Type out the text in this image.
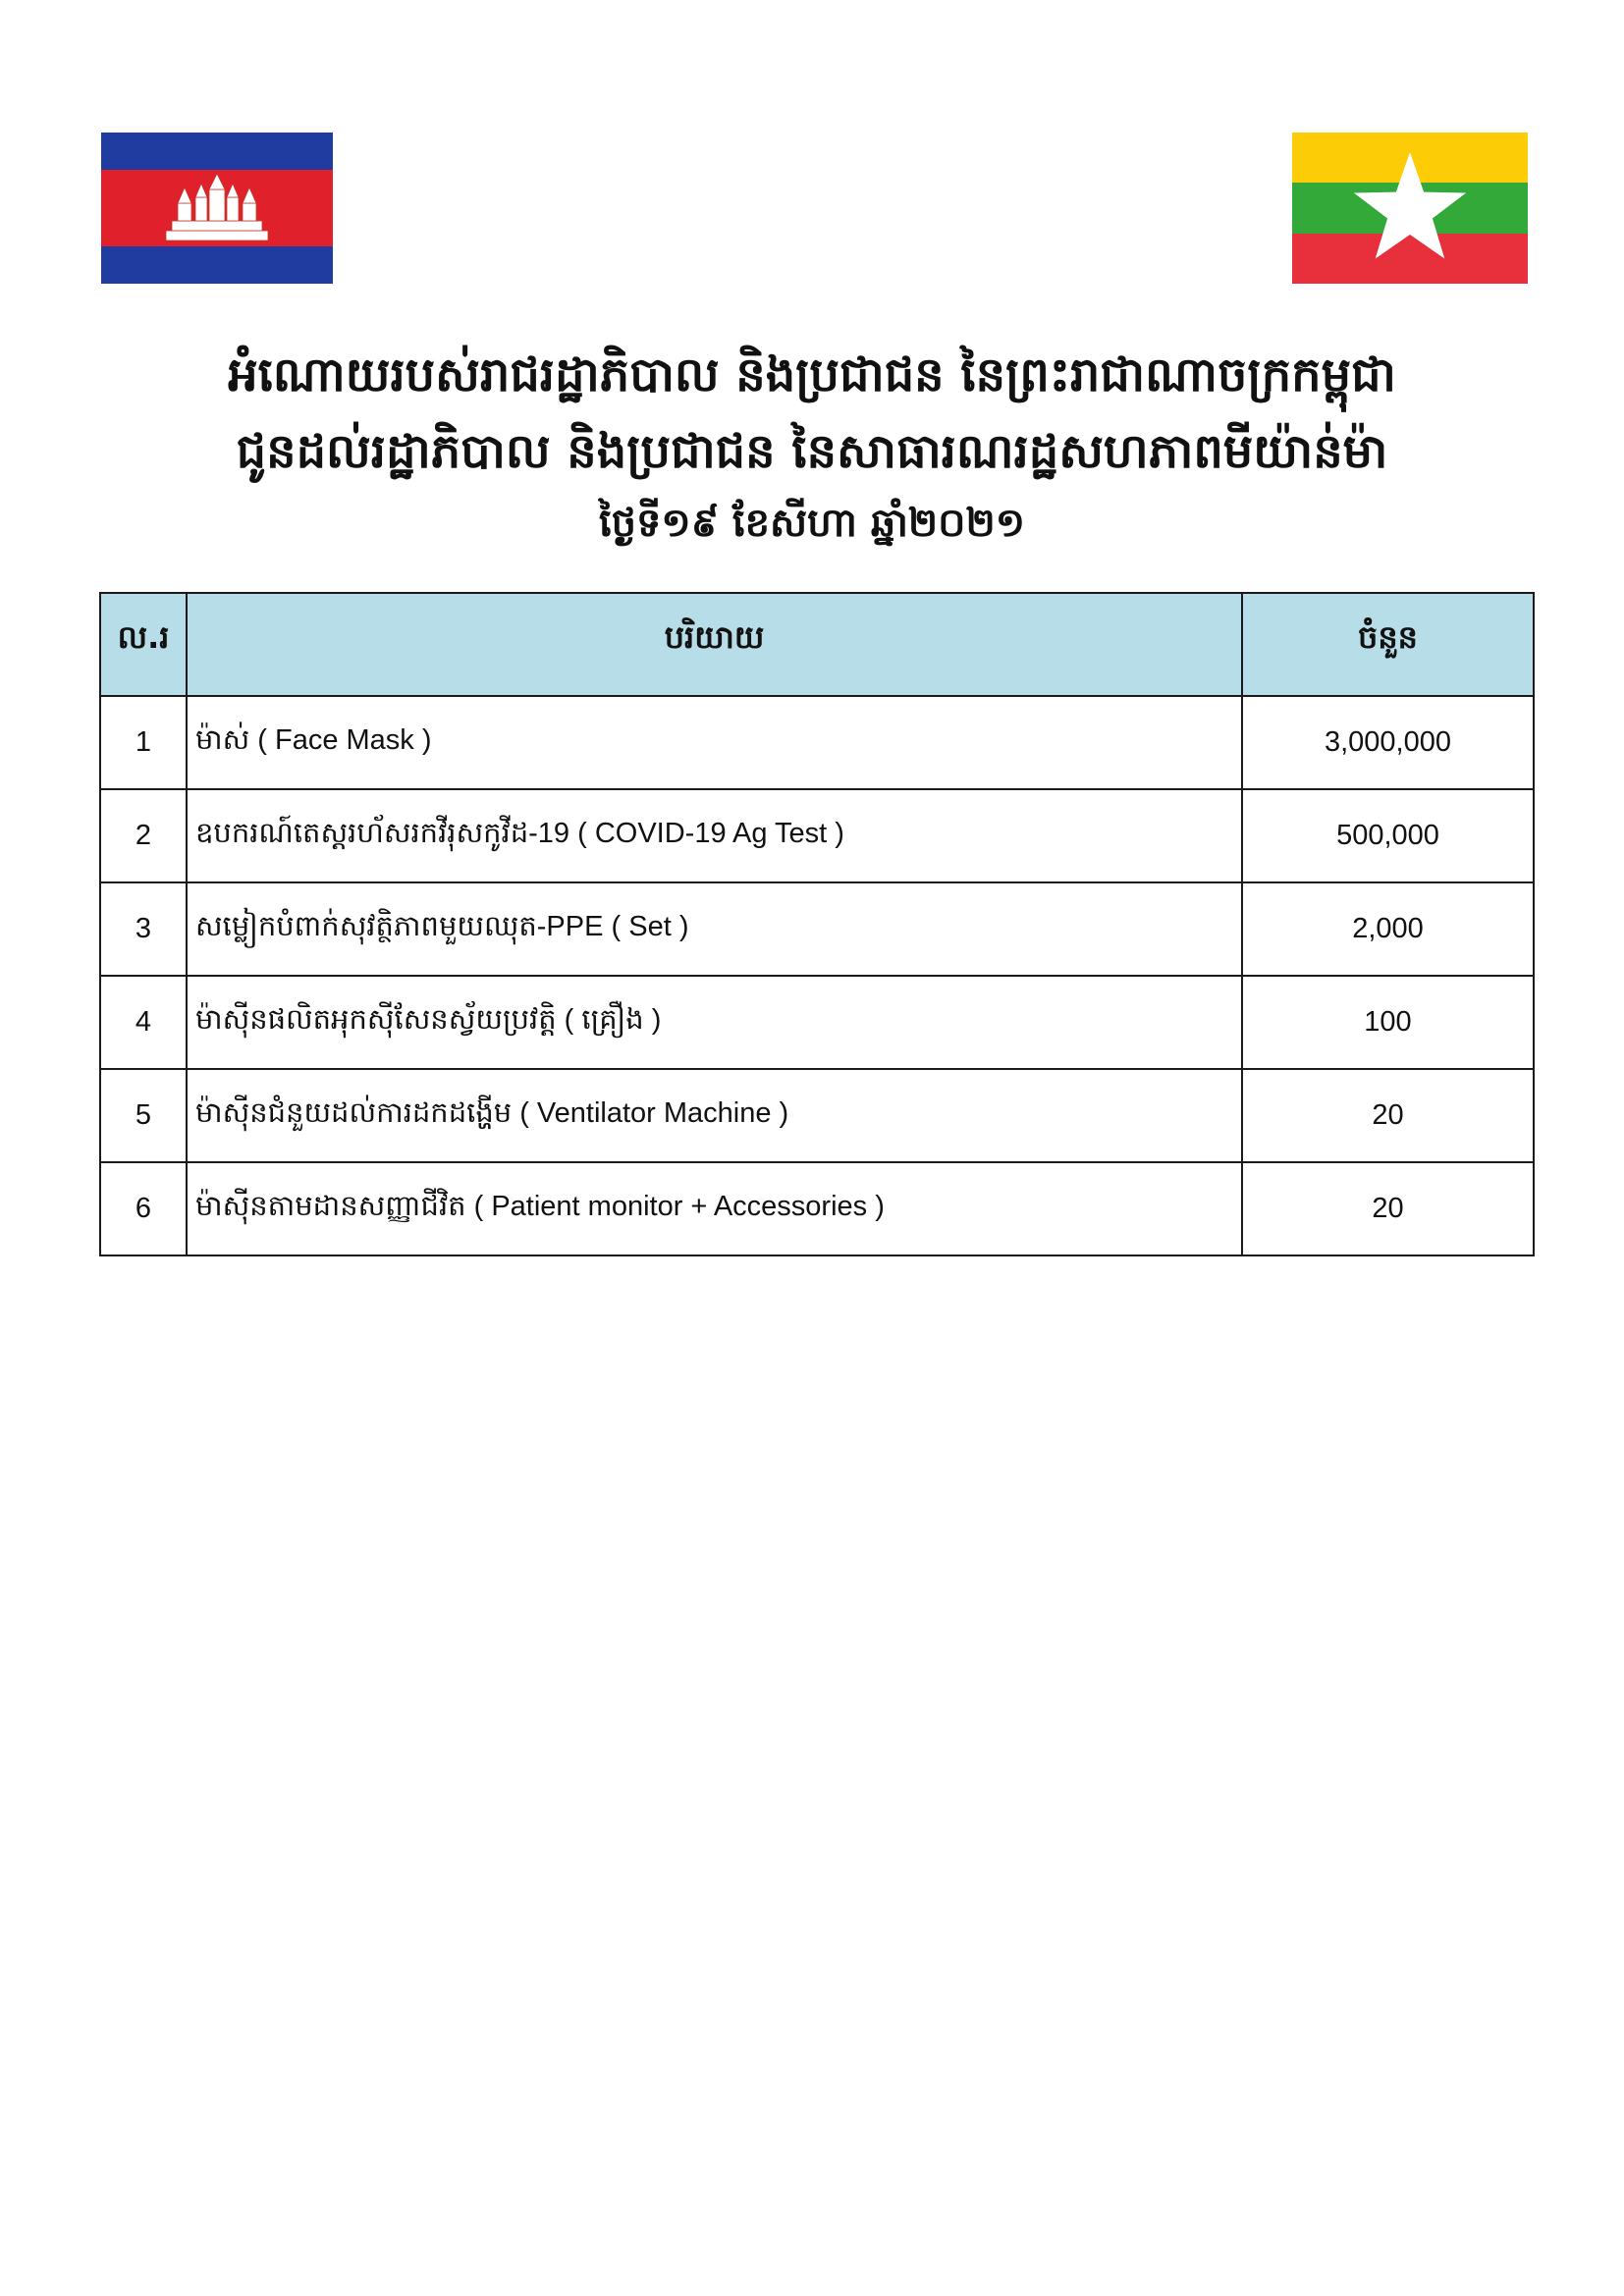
អំណោយរបស់រាជរដ្ឋាភិបាល និងប្រជាជន នៃព្រះរាជាណាចក្រកម្ពុជា
ជូនដល់រដ្ឋាភិបាល និងប្រជាជន នៃសាធារណរដ្ឋសហភាពមីយ៉ាន់ម៉ា
ថ្ងៃទី១៩ ខែសីហា ឆ្នាំ២០២១
ល.រ	បរិយាយ	ចំនួន
1	ម៉ាស់ ( Face Mask )	3,000,000
2	ឧបករណ៍តេស្តរហ័សរកវីរុសកូវីដ-19 ( COVID-19 Ag Test )	500,000
3	សម្លៀកបំពាក់សុវត្ថិភាពមួយឈុត-PPE ( Set )	2,000
4	ម៉ាស៊ីនផលិតអុកស៊ីសែនស្វ័យប្រវត្តិ ( គ្រឿង )	100
5	ម៉ាស៊ីនជំនួយដល់ការដកដង្ហើម ( Ventilator Machine )	20
6	ម៉ាស៊ីនតាមដានសញ្ញាជីវិត ( Patient monitor + Accessories )	20
